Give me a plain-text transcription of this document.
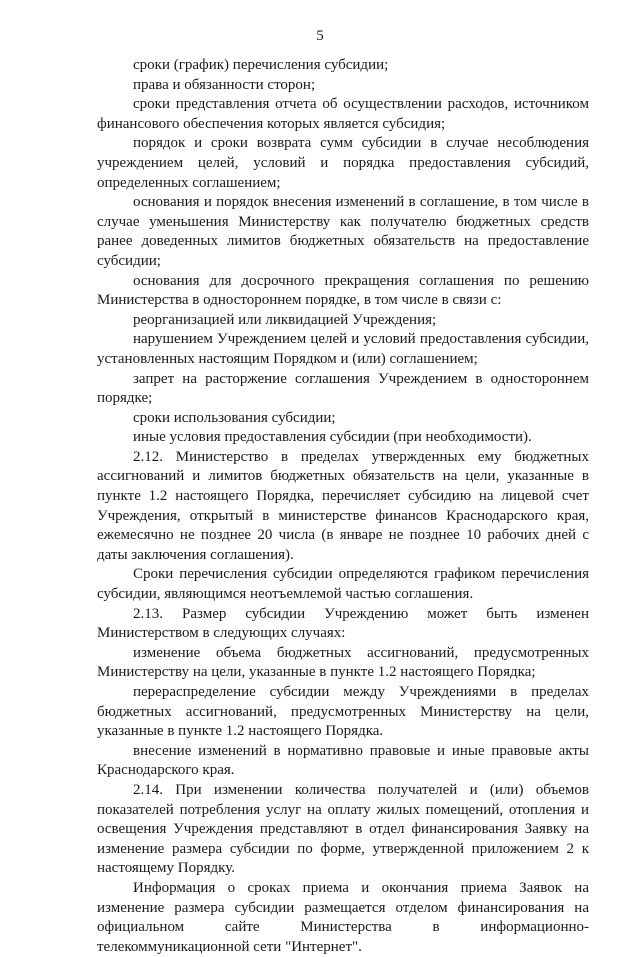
5

сроки (график) перечисления субсидии;

права и обязанности сторон;

сроки представления отчета об осуществлении расходов, источником финансового обеспечения которых является субсидия;

порядок и сроки возврата сумм субсидии в случае несоблюдения учреждением целей, условий и порядка предоставления субсидий, определенных соглашением;

основания и порядок внесения изменений в соглашение, в том числе в случае уменьшения Министерству как получателю бюджетных средств ранее доведенных лимитов бюджетных обязательств на предоставление субсидии;

основания для досрочного прекращения соглашения по решению Министерства в одностороннем порядке, в том числе в связи с:

реорганизацией или ликвидацией Учреждения;

нарушением Учреждением целей и условий предоставления субсидии, установленных настоящим Порядком и (или) соглашением;

запрет на расторжение соглашения Учреждением в одностороннем порядке;

сроки использования субсидии;

иные условия предоставления субсидии (при необходимости).

2.12. Министерство в пределах утвержденных ему бюджетных ассигнований и лимитов бюджетных обязательств на цели, указанные в пункте 1.2 настоящего Порядка, перечисляет субсидию на лицевой счет Учреждения, открытый в министерстве финансов Краснодарского края, ежемесячно не позднее 20 числа (в январе не позднее 10 рабочих дней с даты заключения соглашения).

Сроки перечисления субсидии определяются графиком перечисления субсидии, являющимся неотъемлемой частью соглашения.

2.13. Размер субсидии Учреждению может быть изменен Министерством в следующих случаях:

изменение объема бюджетных ассигнований, предусмотренных Министерству на цели, указанные в пункте 1.2 настоящего Порядка;

перераспределение субсидии между Учреждениями в пределах бюджетных ассигнований, предусмотренных Министерству на цели, указанные в пункте 1.2 настоящего Порядка.

внесение изменений в нормативно правовые и иные правовые акты Краснодарского края.

2.14. При изменении количества получателей и (или) объемов показателей потребления услуг на оплату жилых помещений, отопления и освещения Учреждения представляют в отдел финансирования Заявку на изменение размера субсидии по форме, утвержденной приложением 2 к настоящему Порядку.

Информация о сроках приема и окончания приема Заявок на изменение размера субсидии размещается отделом финансирования на официальном сайте Министерства в информационно-телекоммуникационной сети "Интернет".
